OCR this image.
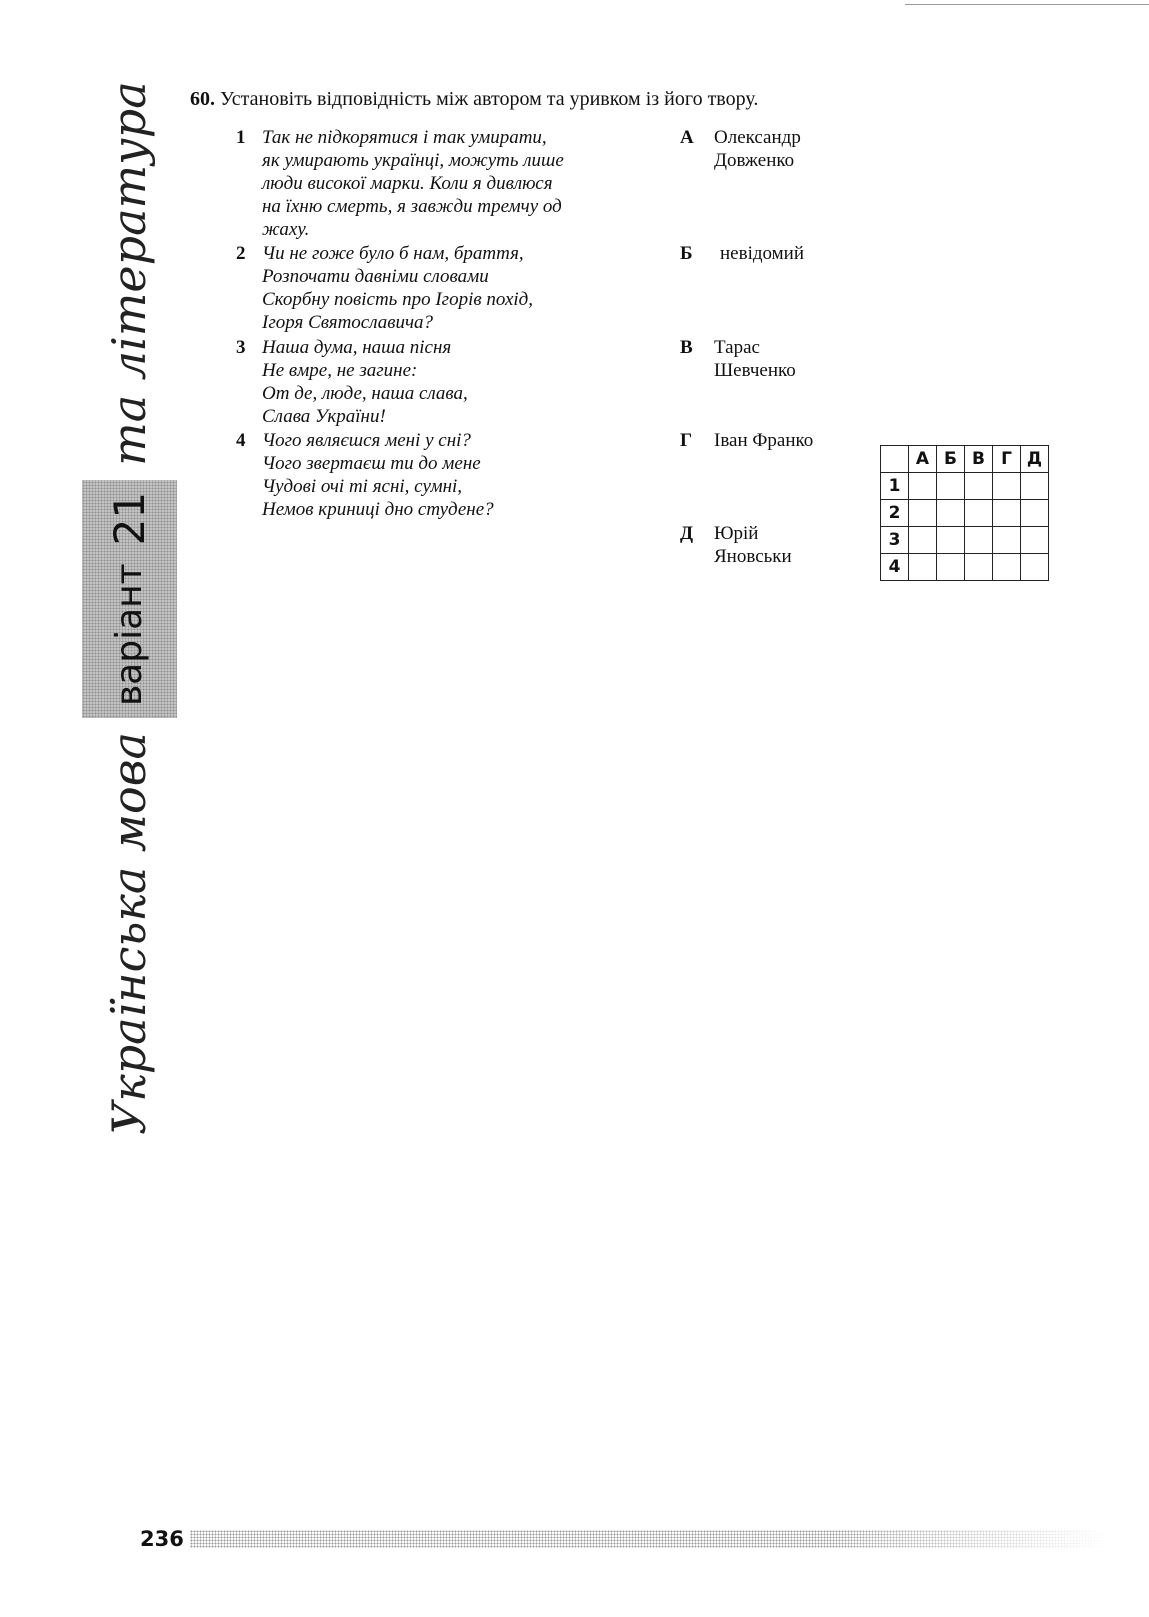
Українська мова
варіант
21
та література	60. Установіть відповідність між автором та уривком із його твору.
1 Так не підкорятися і так умирати,
як умирають українці, можуть лише
люди високої марки. Коли я дивлюся
на їхню смерть, я завжди тремчу од
жаху.
2 Чи не гоже було б нам, браття,
Розпочати давніми словами
Скорбну повість про Ігорів похід,
Ігоря Святославича?
3 Наша дума, наша пісня
Не вмре, не загине:
От де, люде, наша слава,
Слава України!
4 Чого являєшся мені у сні?
Чого звертаєш ти до мене
Чудові очі ті ясні, сумні,
Немов криниці дно студене?
А Олександр
Довженко
Б невідомий
В Тарас
Шевченко
Г Іван Франко
Д Юрій
Яновськи
	А	Б	В	Г	Д
1					
2					
3					
4					
236
